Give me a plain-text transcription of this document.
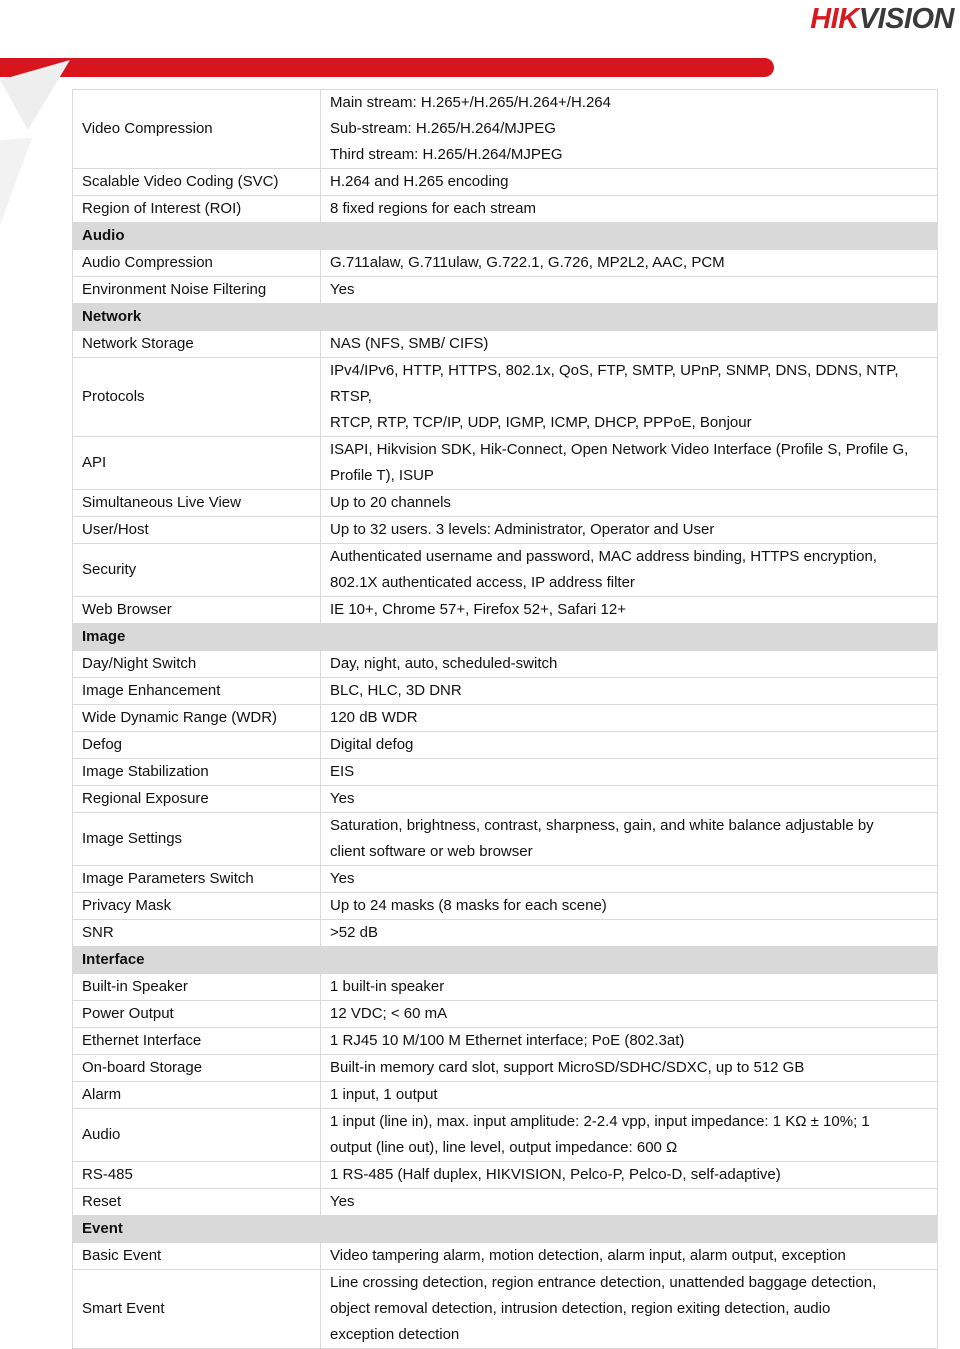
HIKVISION
Video Compression	Main stream: H.265+/H.265/H.264+/H.264
Sub-stream: H.265/H.264/MJPEG
Third stream: H.265/H.264/MJPEG
Scalable Video Coding (SVC)	H.264 and H.265 encoding
Region of Interest (ROI)	8 fixed regions for each stream
Audio	
Audio Compression	G.711alaw, G.711ulaw, G.722.1, G.726, MP2L2, AAC, PCM
Environment Noise Filtering	Yes
Network	
Network Storage	NAS (NFS, SMB/ CIFS)
Protocols	IPv4/IPv6, HTTP, HTTPS, 802.1x, QoS, FTP, SMTP, UPnP, SNMP, DNS, DDNS, NTP, RTSP,
RTCP, RTP, TCP/IP, UDP, IGMP, ICMP, DHCP, PPPoE, Bonjour
API	ISAPI, Hikvision SDK, Hik-Connect, Open Network Video Interface (Profile S, Profile G,
Profile T), ISUP
Simultaneous Live View	Up to 20 channels
User/Host	Up to 32 users. 3 levels: Administrator, Operator and User
Security	Authenticated username and password, MAC address binding, HTTPS encryption,
802.1X authenticated access, IP address filter
Web Browser	IE 10+, Chrome 57+, Firefox 52+, Safari 12+
Image	
Day/Night Switch	Day, night, auto, scheduled-switch
Image Enhancement	BLC, HLC, 3D DNR
Wide Dynamic Range (WDR)	120 dB WDR
Defog	Digital defog
Image Stabilization	EIS
Regional Exposure	Yes
Image Settings	Saturation, brightness, contrast, sharpness, gain, and white balance adjustable by
client software or web browser
Image Parameters Switch	Yes
Privacy Mask	Up to 24 masks (8 masks for each scene)
SNR	>52 dB
Interface	
Built-in Speaker	1 built-in speaker
Power Output	12 VDC; < 60 mA
Ethernet Interface	1 RJ45 10 M/100 M Ethernet interface; PoE (802.3at)
On-board Storage	Built-in memory card slot, support MicroSD/SDHC/SDXC, up to 512 GB
Alarm	1 input, 1 output
Audio	1 input (line in), max. input amplitude: 2-2.4 vpp, input impedance: 1 KΩ ± 10%; 1
output (line out), line level, output impedance: 600 Ω
RS-485	1 RS-485 (Half duplex, HIKVISION, Pelco-P, Pelco-D, self-adaptive)
Reset	Yes
Event	
Basic Event	Video tampering alarm, motion detection, alarm input, alarm output, exception
Smart Event	Line crossing detection, region entrance detection, unattended baggage detection,
object removal detection, intrusion detection, region exiting detection, audio
exception detection
